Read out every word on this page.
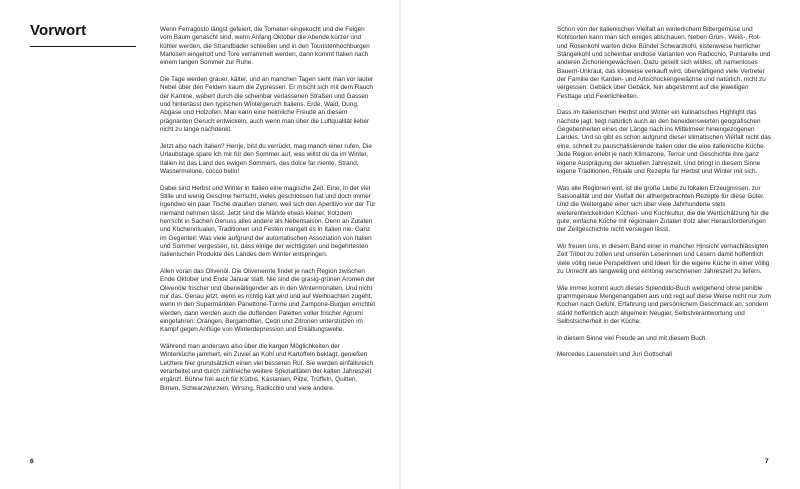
Vorwort	Wenn Ferragosto längst gefeiert, die Tomaten eingekocht und die Feigen vom Baum genascht sind, wenn Anfang Oktober die Abende kürzer und kühler werden, die Strandbäder schließen und in den Touristenhochburgen Markisen eingeholt und Tore verrammelt werden, dann kommt Italien nach einem langen Sommer zur Ruhe.

Die Tage werden grauer, kälter, und an manchen Tagen sieht man vor lauter Nebel über den Feldern kaum die Zypressen. Er mischt sich mit dem Rauch der Kamine, wabert durch die scheinbar verlassenen Straßen und Gassen und hinterlässt den typischen Wintergeruch Italiens. Erde, Wald, Dung, Abgase und Holzofen. Man kann eine heimliche Freude an diesem prägnanten Geruch entwickeln, auch wenn man über die Luftqualität lieber nicht zu lange nachdenkt.

Jetzt also nach Italien? Herrje, bist du verrückt, mag manch einer rufen. Die Urlaubstage spare ich mir für den Sommer auf, was willst du da im Winter, Italien ist das Land des ewigen Sommers, des dolce far niente, Strand, Wassermelone, cocco bello!

Dabei sind Herbst und Winter in Italien eine magische Zeit. Eine, in der viel Stille und wenig Geschrei herrscht, vieles geschlossen hat und doch immer irgendwo ein paar Tische draußen stehen, weil sich den Aperitivo vor der Tür niemand nehmen lässt. Jetzt sind die Märkte etwas kleiner, trotzdem herrscht in Sachen Genuss alles andere als Nebensaison. Denn an Zutaten und Küchenritualen, Traditionen und Festen mangelt es in Italien nie. Ganz im Gegenteil: Was viele aufgrund der automatischen Assoziation von Italien und Sommer vergessen, ist, dass einige der wichtigsten und begehrtesten italienischen Produkte des Landes dem Winter entspringen.

Allen voran das Olivenöl. Die Olivenernte findet je nach Region zwischen Ende Oktober und Ende Januar statt. Nie sind die grasig-grünen Aromen der Olivenöle frischer und überwältigender als in den Wintermonaten. Und nicht nur das. Genau jetzt, wenn es richtig kalt wird und auf Weihnachten zugeht, wenn in den Supermärkten Panettone-Türme und Zampone-Burgen errichtet werden, dann werden auch die duftenden Paletten voller frischer Agrumi eingefahren: Orangen, Bergamotten, Cedri und Zitronen unterstützen im Kampf gegen Anflüge von Winterdepression und Erkältungswelle.

Während man anderswo also über die kargen Möglichkeiten der Winterküche jammert, ein Zuviel an Kohl und Kartoffeln beklagt, genießen Letztere hier grundsätzlich einen viel besseren Ruf. Sie werden einfallsreich verarbeitet und durch zahlreiche weitere Spezialitäten der kalten Jahreszeit ergänzt. Bühne frei auch für Kürbis, Kastanien, Pilze, Trüffeln, Quitten, Birnen, Schwarzwurzeln, Wirsing, Radicchio und viele andere.

6

Schon von der italienischen Vielfalt an winterlichem Bittergemüse und Kohlsorten kann man sich einiges abschauen. Neben Grün-, Weiß-, Rot- und Rosenkohl warten dicke Bündel Schwarzkohl, kistenweise herrlicher Stängelkohl und scheinbar endlose Varianten von Radicchio, Puntarelle und anderen Zichoriengewächsen. Dazu gesellt sich wildes, oft namenloses Bauern-Unkraut, das kiloweise verkauft wird, überwältigend viele Vertreter der Familie der Karden- und Artischockengewächse und natürlich, nicht zu vergessen: Gebäck über Gebäck, fein abgestimmt auf die jeweiligen Festtage und Feierlichkeiten.

Dass im italienischen Herbst und Winter ein kulinarisches Highlight das nächste jagt, liegt natürlich auch an den beneidenswerten geografischen Gegebenheiten eines der Länge nach ins Mittelmeer hineingezogenen Landes. Und so gibt es schon aufgrund dieser klimatischen Vielfalt nicht das eine, schnell zu pauschalisierende Italien oder die eine italienische Küche. Jede Region erlebt je nach Klimazone, Terroir und Geschichte ihre ganz eigene Ausprägung der aktuellen Jahreszeit. Und bringt in diesem Sinne eigene Traditionen, Rituale und Rezepte für Herbst und Winter mit sich.

Was alle Regionen eint, ist die große Liebe zu lokalen Erzeugnissen, zur Saisonalität und der Vielfalt der althergebrachten Rezepte für diese Güter. Und die Weitergabe einer sich über viele Jahrhunderte stets weiterentwickelnden Küchen- und Kochkultur, die die Wertschätzung für die gute, einfache Küche mit regionalen Zutaten trotz aller Herausforderungen der Zeitgeschichte nicht versiegen lässt.

Wir freuen uns, in diesem Band einer in mancher Hinsicht vernachlässigten Zeit Tribut zu zollen und unseren Leserinnen und Lesern damit hoffentlich viele völlig neue Perspektiven und Ideen für die eigene Küche in einer völlig zu Unrecht als langweilig und eintönig verschrienen Jahreszeit zu liefern.

Wie immer kommt auch dieses Splendido-Buch weitgehend ohne penible grammgenaue Mengenangaben aus und regt auf diese Weise nicht nur zum Kochen nach Gefühl, Erfahrung und persönlichem Geschmack an, sondern stärkt hoffentlich auch allgemein Neugier, Selbstverantwortung und Selbstsicherheit in der Küche.

In diesem Sinne viel Freude an und mit diesem Buch.

Mercedes Lauenstein und Juri Gottschall

7
